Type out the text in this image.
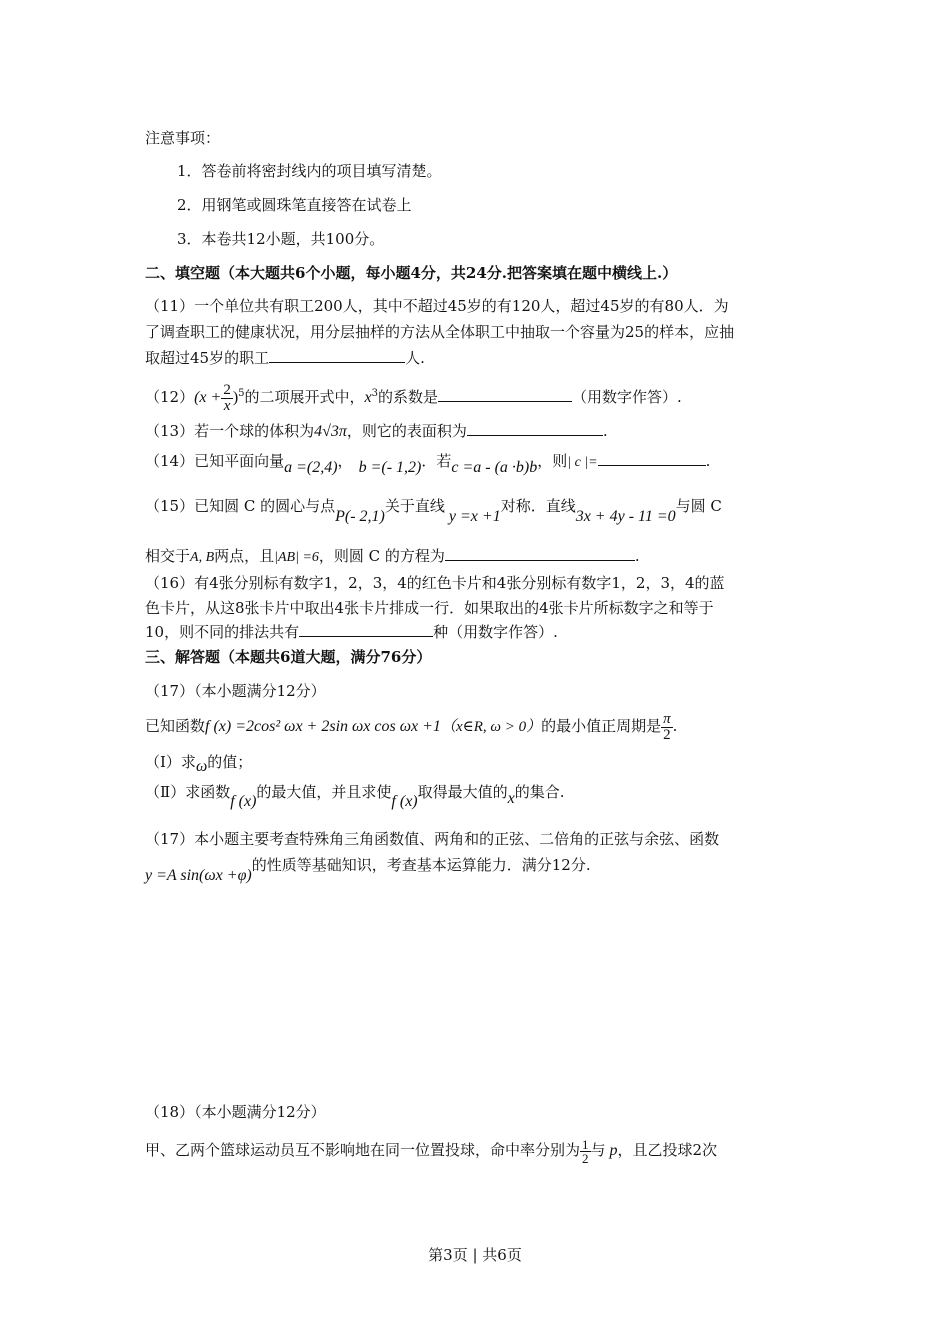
注意事项：
1．答卷前将密封线内的项目填写清楚。
2．用钢笔或圆珠笔直接答在试卷上
3．本卷共12小题，共100分。
二、填空题（本大题共6个小题，每小题4分，共24分.把答案填在题中横线上.）
（11）一个单位共有职工200人，其中不超过45岁的有120人，超过45岁的有80人．为
了调查职工的健康状况，用分层抽样的方法从全体职工中抽取一个容量为25的样本，应抽
取超过45岁的职工	人.
$(12)(x + \frac{2}{x} )^5$的二项展开式中，$x^3$的系数是	（用数字作答）.
（13）若一个球的体积为4√3π，则它的表面积为	.
（14）已知平面向量a =(2,4)， b =(- 1,2)．若c =a - (a ·b)b，则| c |=	.
（15）已知圆 C 的圆心与点P(- 2,1)关于直线y =x +1对称．直线3x + 4y - 11 =0与圆 C
相交于A, B两点，且|AB| =6，则圆 C 的方程为	.
（16）有4张分别标有数字1，2，3，4的红色卡片和4张分别标有数字1，2，3，4的蓝
色卡片，从这8张卡片中取出4张卡片排成一行．如果取出的4张卡片所标数字之和等于
10，则不同的排法共有	种（用数字作答）.
三、解答题（本题共6道大题，满分76分）
（17）（本小题满分12分）
已知函数f (x) =2cos² ωx + 2sin ωx cos ωx +1（x∈R, ω > 0）的最小值正周期是 $\frac{\pi}{2}$ .
（Ⅰ）求ω的值；
（Ⅱ）求函数f (x)的最大值，并且求使f (x)取得最大值的x的集合.
（17）本小题主要考查特殊角三角函数值、两角和的正弦、二倍角的正弦与余弦、函数
y =A sin(ωx +φ)的性质等基础知识，考查基本运算能力．满分12分.
（18）（本小题满分12分）
甲、乙两个篮球运动员互不影响地在同一位置投球，命中率分别为 $\frac{1}{2}$ 与 p，且乙投球2次
第3页 | 共6页
